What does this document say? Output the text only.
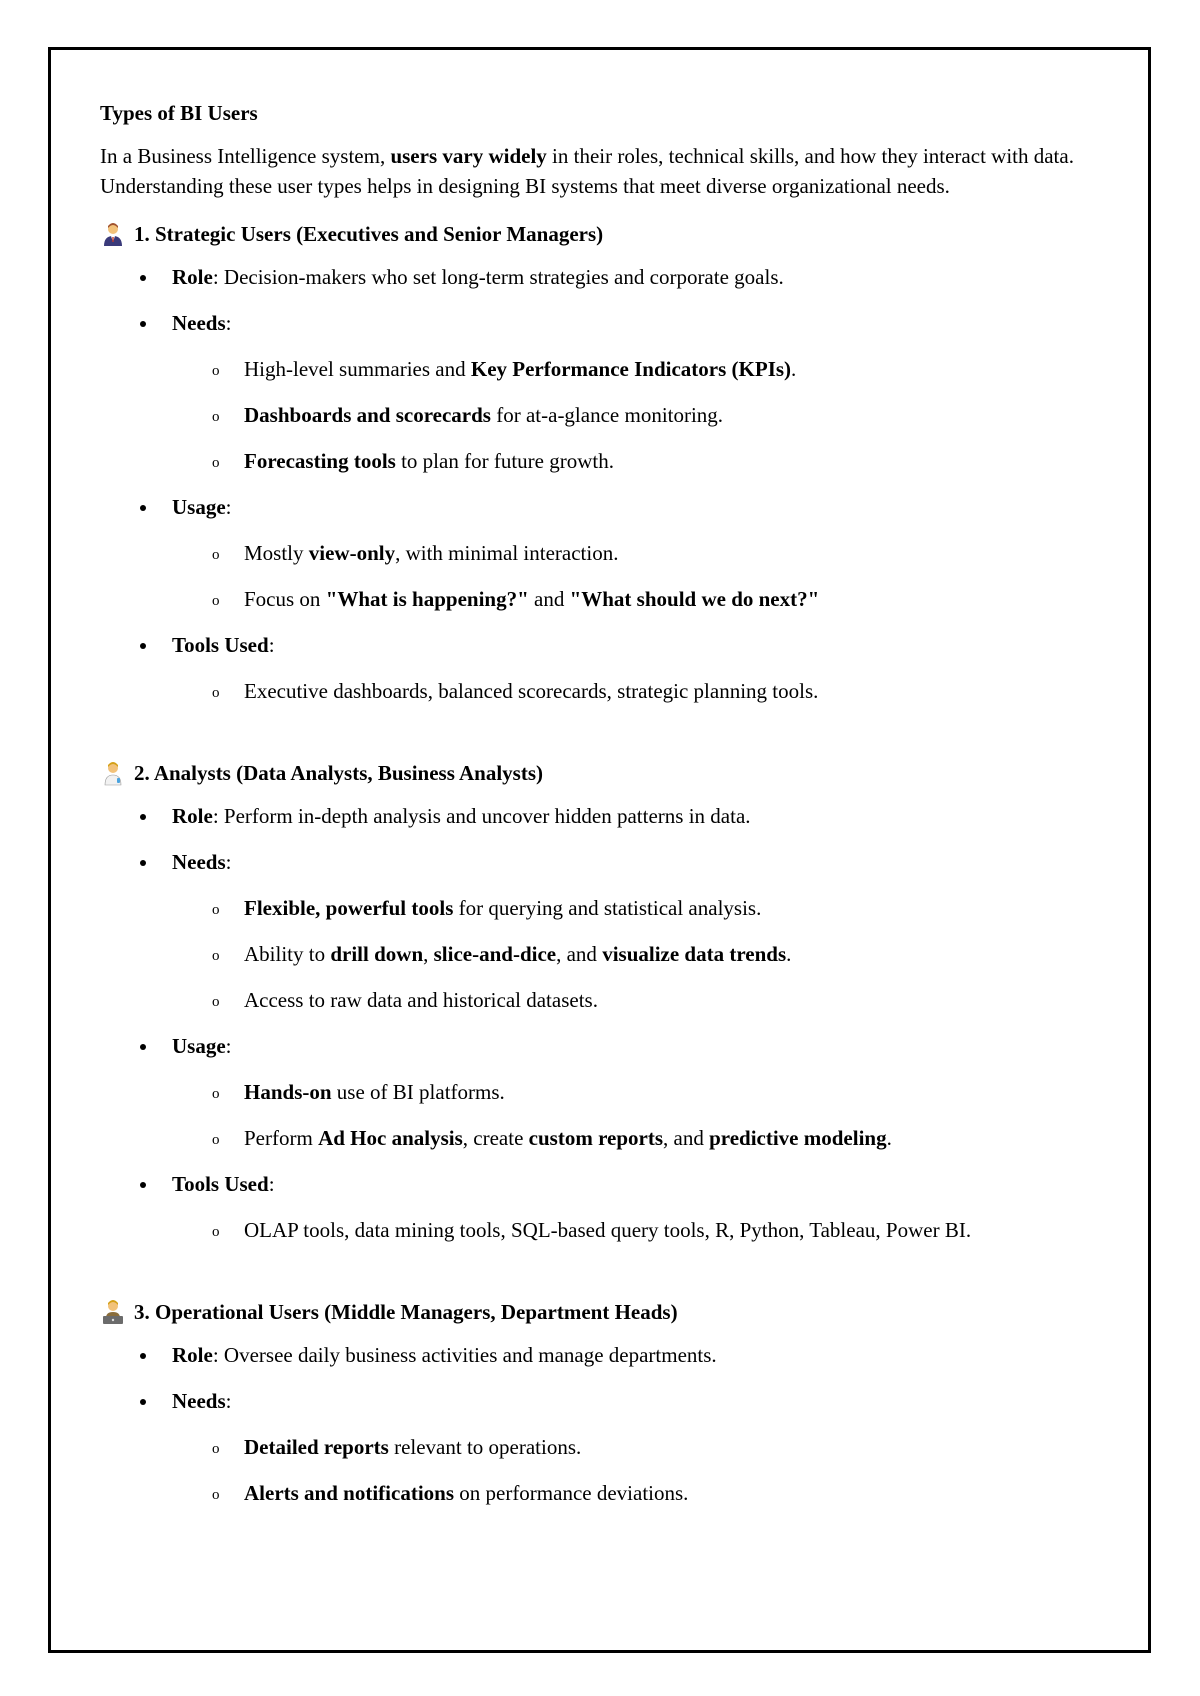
Types of BI Users
In a Business Intelligence system, users vary widely in their roles, technical skills, and how they interact with data. Understanding these user types helps in designing BI systems that meet diverse organizational needs.
1. Strategic Users (Executives and Senior Managers)
Role: Decision-makers who set long-term strategies and corporate goals.
Needs:
o High-level summaries and Key Performance Indicators (KPIs).
o Dashboards and scorecards for at-a-glance monitoring.
o Forecasting tools to plan for future growth.
Usage:
o Mostly view-only, with minimal interaction.
o Focus on "What is happening?" and "What should we do next?"
Tools Used:
o Executive dashboards, balanced scorecards, strategic planning tools.
2. Analysts (Data Analysts, Business Analysts)
Role: Perform in-depth analysis and uncover hidden patterns in data.
Needs:
o Flexible, powerful tools for querying and statistical analysis.
o Ability to drill down, slice-and-dice, and visualize data trends.
o Access to raw data and historical datasets.
Usage:
o Hands-on use of BI platforms.
o Perform Ad Hoc analysis, create custom reports, and predictive modeling.
Tools Used:
o OLAP tools, data mining tools, SQL-based query tools, R, Python, Tableau, Power BI.
3. Operational Users (Middle Managers, Department Heads)
Role: Oversee daily business activities and manage departments.
Needs:
o Detailed reports relevant to operations.
o Alerts and notifications on performance deviations.
